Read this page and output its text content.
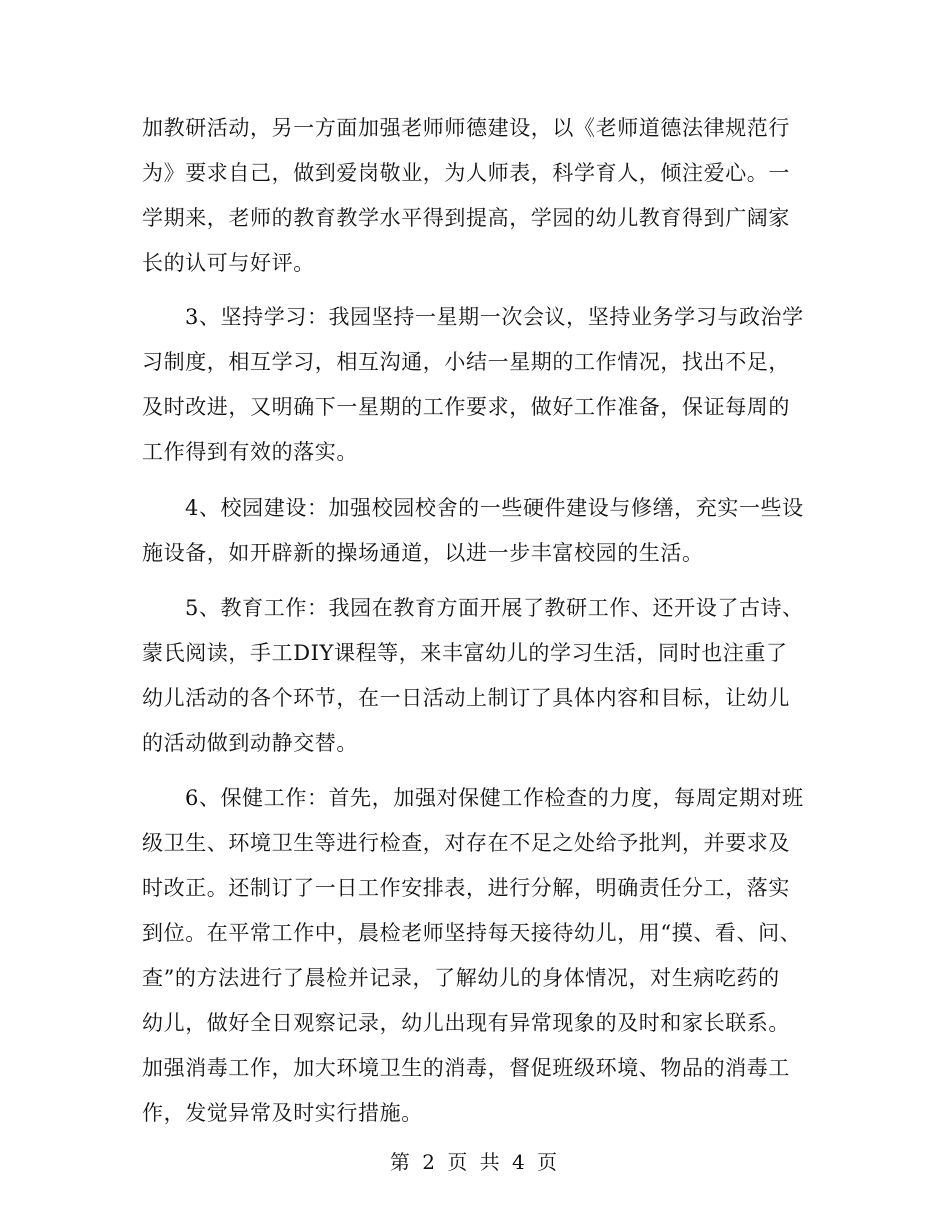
加教研活动，另一方面加强老师师德建设，以《老师道德法律规范行
为》要求自己，做到爱岗敬业，为人师表，科学育人，倾注爱心。一
学期来，老师的教育教学水平得到提高，学园的幼儿教育得到广阔家
长的认可与好评。
3、坚持学习：我园坚持一星期一次会议，坚持业务学习与政治学
习制度，相互学习，相互沟通，小结一星期的工作情况，找出不足，
及时改进，又明确下一星期的工作要求，做好工作准备，保证每周的
工作得到有效的落实。
4、校园建设：加强校园校舍的一些硬件建设与修缮，充实一些设
施设备，如开辟新的操场通道，以进一步丰富校园的生活。
5、教育工作：我园在教育方面开展了教研工作、还开设了古诗、
蒙氏阅读，手工DIY课程等，来丰富幼儿的学习生活，同时也注重了
幼儿活动的各个环节，在一日活动上制订了具体内容和目标，让幼儿
的活动做到动静交替。
6、保健工作：首先，加强对保健工作检查的力度，每周定期对班
级卫生、环境卫生等进行检查，对存在不足之处给予批判，并要求及
时改正。还制订了一日工作安排表，进行分解，明确责任分工，落实
到位。在平常工作中，晨检老师坚持每天接待幼儿，用“摸、看、问、
查”的方法进行了晨检并记录，了解幼儿的身体情况，对生病吃药的
幼儿，做好全日观察记录，幼儿出现有异常现象的及时和家长联系。
加强消毒工作，加大环境卫生的消毒，督促班级环境、物品的消毒工
作，发觉异常及时实行措施。
第 2 页 共 4 页
